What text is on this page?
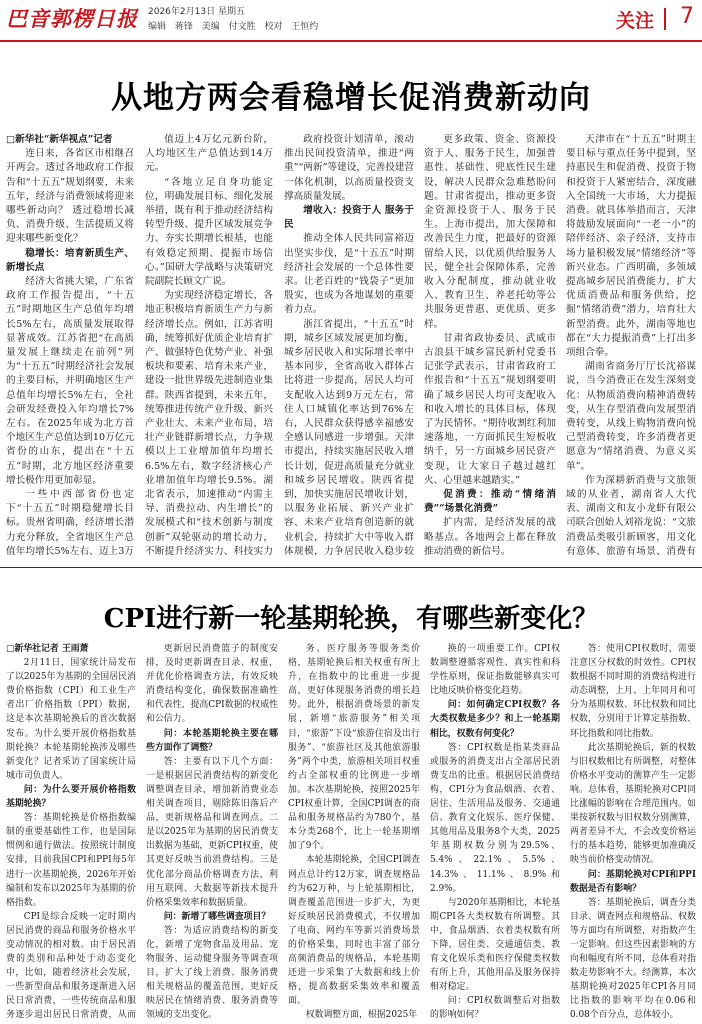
巴音郭楞日报 2026年2月13日 星期五
编辑 蒋锋 美编 付文胜 校对 王恒约	关注 7
从地方两会看稳增长促消费新动向

□新华社“新华视点”记者

连日来，各省区市相继召开两会。透过各地政府工作报告和“十五五”规划纲要，未来五年，经济与消费领域将迎来哪些新动向？ 透过稳增长减负、消费升级、生活提质又将迎来哪些新变化？

稳增长：培育新质生产、新增长点

经济大省挑大梁，广东省政府工作报告提出，“十五五”时期地区生产总值年均增长5%左右，高质量发展取得显著成效。江苏省把“在高质量发展上继续走在前列”列为“十五五”时期经济社会发展的主要目标，并明确地区生产总值年均增长5%左右，全社会研发经费投入年均增长7%左右。在2025年成为北方首个地区生产总值达到10万亿元省份的山东，提出在“十五五”时期，北方地区经济重要增长极作用更加彰显。

一些中西部省份也定下“十五五”时期稳健增长目标。贵州省明确，经济增长潜力充分释放，全省地区生产总值年均增长5%左右、迈上3万

值迈上4万亿元新台阶，人均地区生产总值达到14万元。

“各地立足自身功能定位，明确发展目标、细化发展举措，既有利于推动经济结构转型升级、提升区域发展竞争力、夯实长期增长根基，也能有效稳定预期、提振市场信心。”国研大学战略与决策研究院副院长顾文广说。

为实现经济稳定增长，各地正积极培育新质生产力与新经济增长点。例如，江苏省明确，统筹抓好优质企业培育扩产、做强特色优势产业、补强板块和要素、培育未来产业，建设一批世界级先进制造业集群。陕西省提到，未来五年，统筹推进传统产业升级、新兴产业壮大、未来产业布局，培壮产业链群新增长点，力争规模以上工业增加值年均增长6.5%左右，数字经济核心产业增加值年均增长9.5%。湖北省表示，加速推动“内需主导、消费拉动、内生增长”的发展模式和“技术创新与制度创新”双轮驱动的增长动力，不断提升经济实力、科技实力

政府投资计划清单，滚动推出民间投资清单，推进“两重”“两新”等建设，完善投建营一体化机制，以高质量投资支撑高质量发展。

增收入：投资于人 服务于民

推动全体人民共同富裕迈出坚实步伐，是“十五五”时期经济社会发展的一个总体性要求。让老百姓的“钱袋子”更加殷实，也成为各地谋划的重要着力点。

浙江省提出，“十五五”时期，城乡区域发展更加均衡，城乡居民收入和实际增长率中基本同步，全省高收入群体占比将进一步提高，居民人均可支配收入达到9万元左右，常住人口城镇化率达到76%左右，人民群众获得感幸福感安全感认同感进一步增强。天津市提出，持续实施居民收入增长计划，促进高质量充分就业和城乡居民增收。陕西省提到，加快实施居民增收计划，以服务业拓展、新兴产业扩容、未来产业培育创造新的就业机会，持续扩大中等收入群体规模，力争居民收入稳步较

更多政策、资金、资源投资于人、服务于民生，加强普惠性、基础性、兜底性民生建设，解决人民群众急难愁盼问题。甘肃省提出，推动更多资金资源投资于人、服务于民生。上海市提出，加大保障和改善民生力度，把最好的资源留给人民，以优质供给服务人民，健全社会保障体系，完善收入分配制度，推动就业收入、教育卫生、养老托幼等公共服务更普惠、更优质、更多样。

甘肃省政协委员、武威市古浪县干城乡富民新村党委书记张学武表示，甘肃省政府工作报告和“十五五”规划纲要明确了城乡居民人均可支配收入和收入增长的具体目标，体现了为民情怀。“期待收割红利加速落地，一方面抓民生短板收纳千，另一方面城乡居民资产变现，让大家日子越过越红火、心里越来越踏实。”

促消费：推动“情绪消费”“场景化消费”

扩内需，是经济发展的战略基点。各地两会上都在释放推动消费的新信号。

天津市在“十五五”时期主要目标与重点任务中提到，坚持惠民生和促消费、投资于物和投资于人紧密结合，深度融入全国统一大市场，大力提振消费。就具体举措而言，天津将鼓励发展面向“一老一小”的陪伴经济、亲子经济，支持市场力量积极发展“情绪经济”等新兴业态。广西明确，多领域提高城乡居民消费能力，扩大优质消费品和服务供给，挖掘“情绪消费”潜力，培育壮大新型消费。此外，湖南等地也都在“大力提振消费”上打出多项组合拳。

湖南省商务厅厅长沈裕谋说，当今消费正在发生深刻变化：从物质消费向精神消费转变，从生存型消费向发展型消费转变，从线上购物消费向悦己型消费转变，许多消费者更愿意为“情绪消费、为意义买单”。

作为深耕新消费与文旅领域的从业者，湖南省人大代表、湖南文和友小龙虾有限公司联合创始人刘裕龙说：“文旅消费品类吸引新顾客，用文化有意体、旅游有场景、消费有

CPI进行新一轮基期轮换，有哪些新变化？

□新华社记者 王雨萧

2月11日，国家统计局发布了以2025年为基期的全国居民消费价格指数（CPI）和工业生产者出厂价格指数（PPI）数据，这是本次基期轮换后的首次数据发布。为什么要开展价格指数基期轮换？本轮基期轮换涉及哪些新变化？记者采访了国家统计局城市司负责人。

问：为什么要开展价格指数基期轮换？

答：基期轮换是价格指数编制的重要基础性工作，也是国际惯例和通行做法。按照统计制度安排，目前我国CPI和PPI每5年进行一次基期轮换，2026年开始编制和发布以2025年为基期的价格指数。

CPI是综合反映一定时期内居民消费的商品和服务价格水平变动情况的相对数。由于居民消费的类别和品种处于动态变化中，比如，随着经济社会发展，一些新型商品和服务逐渐进入居民日常消费，一些传统商品和服务逐步退出居民日常消费，从而

更新居民消费篮子的制度安排，及时更新调查目录、权重，并优化价格调查方法，有效反映消费结构变化，确保数据准确性和代表性，提高CPI数据的权威性和公信力。

问：本轮基期轮换主要在哪些方面作了调整？

答：主要有以下几个方面：一是根据居民消费结构的新变化调整调查目录，增加新消费业态相关调查项目，剔除陈旧落后产品，更新规格品和调查网点。二是以2025年为基期的居民消费支出数据为基础，更新CPI权重，使其更好反映当前消费结构。三是优化部分商品价格调查方法，利用互联网、大数据等新技术提升价格采集效率和数据质量。

问：新增了哪些调查项目？

答：为适应消费结构的新变化，新增了宠物食品及用品、宠物服务、运动健身服务等调查项目，扩大了线上消费、服务消费相关规格品的覆盖范围，更好反映居民在情绪消费、服务消费等领域的支出变化。

务、医疗服务等服务类价格，基期轮换后相关权重有所上升，在指数中的比重进一步提高，更好体现服务消费的增长趋势。此外，根据消费场景的新发展，新增“旅游服务”相关项目，“旅游”下设“旅游住宿及出行服务”、“旅游社区及其他旅游服务”两个中类，旅游相关项目权重约占全部权重的比例进一步增加。本次基期轮换，按照2025年CPI权重计算，全国CPI调查的商品和服务规格品约为780个，基本分类268个，比上一轮基期增加了9个。

本轮基期轮换，全国CPI调查网点总计约12万家，调查规格品约为62万种，与上轮基期相比，调查覆盖范围进一步扩大，为更好反映居民消费模式，不仅增加了电商、网约车等新兴消费场景的价格采集，同时也丰富了部分高频消费品的规格品，本轮基期还进一步采集了大数据和线上价格，提高数据采集效率和覆盖面。

权数调整方面，根据2025年

换的一项重要工作。CPI权数调整遵循客观性、真实性和科学性原则，保证指数能够真实可比地反映价格变化趋势。

问：如何确定CPI权数？各大类权数是多少？和上一轮基期相比，权数有何变化？

答：CPI权数是指某类商品或服务的消费支出占全部居民消费支出的比重。根据居民消费结构，CPI分为食品烟酒、衣着、居住、生活用品及服务、交通通信、教育文化娱乐、医疗保健、其他用品及服务8个大类，2025年基期权数分别为29.5%、5.4%、22.1%、5.5%、14.3%、11.1%、8.9%和2.9%。

与2020年基期相比，本轮基期CPI各大类权数有所调整。其中，食品烟酒、衣着类权数有所下降，居住类、交通通信类、教育文化娱乐类和医疗保健类权数有所上升，其他用品及服务保持相对稳定。

问：CPI权数调整后对指数的影响如何？

答：使用CPI权数时，需要注意区分权数的时效性。CPI权数根据不同时期的消费结构进行动态调整，上月、上年同月和可分为基期权数、环比权数和同比权数，分别用于计算定基指数、环比指数和同比指数。

此次基期轮换后，新的权数与旧权数相比有所调整，对整体价格水平变动的测算产生一定影响。总体看，基期轮换对CPI同比涨幅的影响在合理范围内。如果按新权数与旧权数分别测算，两者差异不大，不会改变价格运行的基本趋势，能够更加准确反映当前价格变动情况。

问：基期轮换对CPI和PPI数据是否有影响？

答：基期轮换后，调查分类目录、调查网点和规格品、权数等方面均有所调整，对指数产生一定影响。但这些因素影响的方向和幅度有所不同，总体看对指数走势影响不大。经测算，本次基期轮换对2025年CPI各月同比指数的影响平均在0.06和0.08个百分点，总体较小。
